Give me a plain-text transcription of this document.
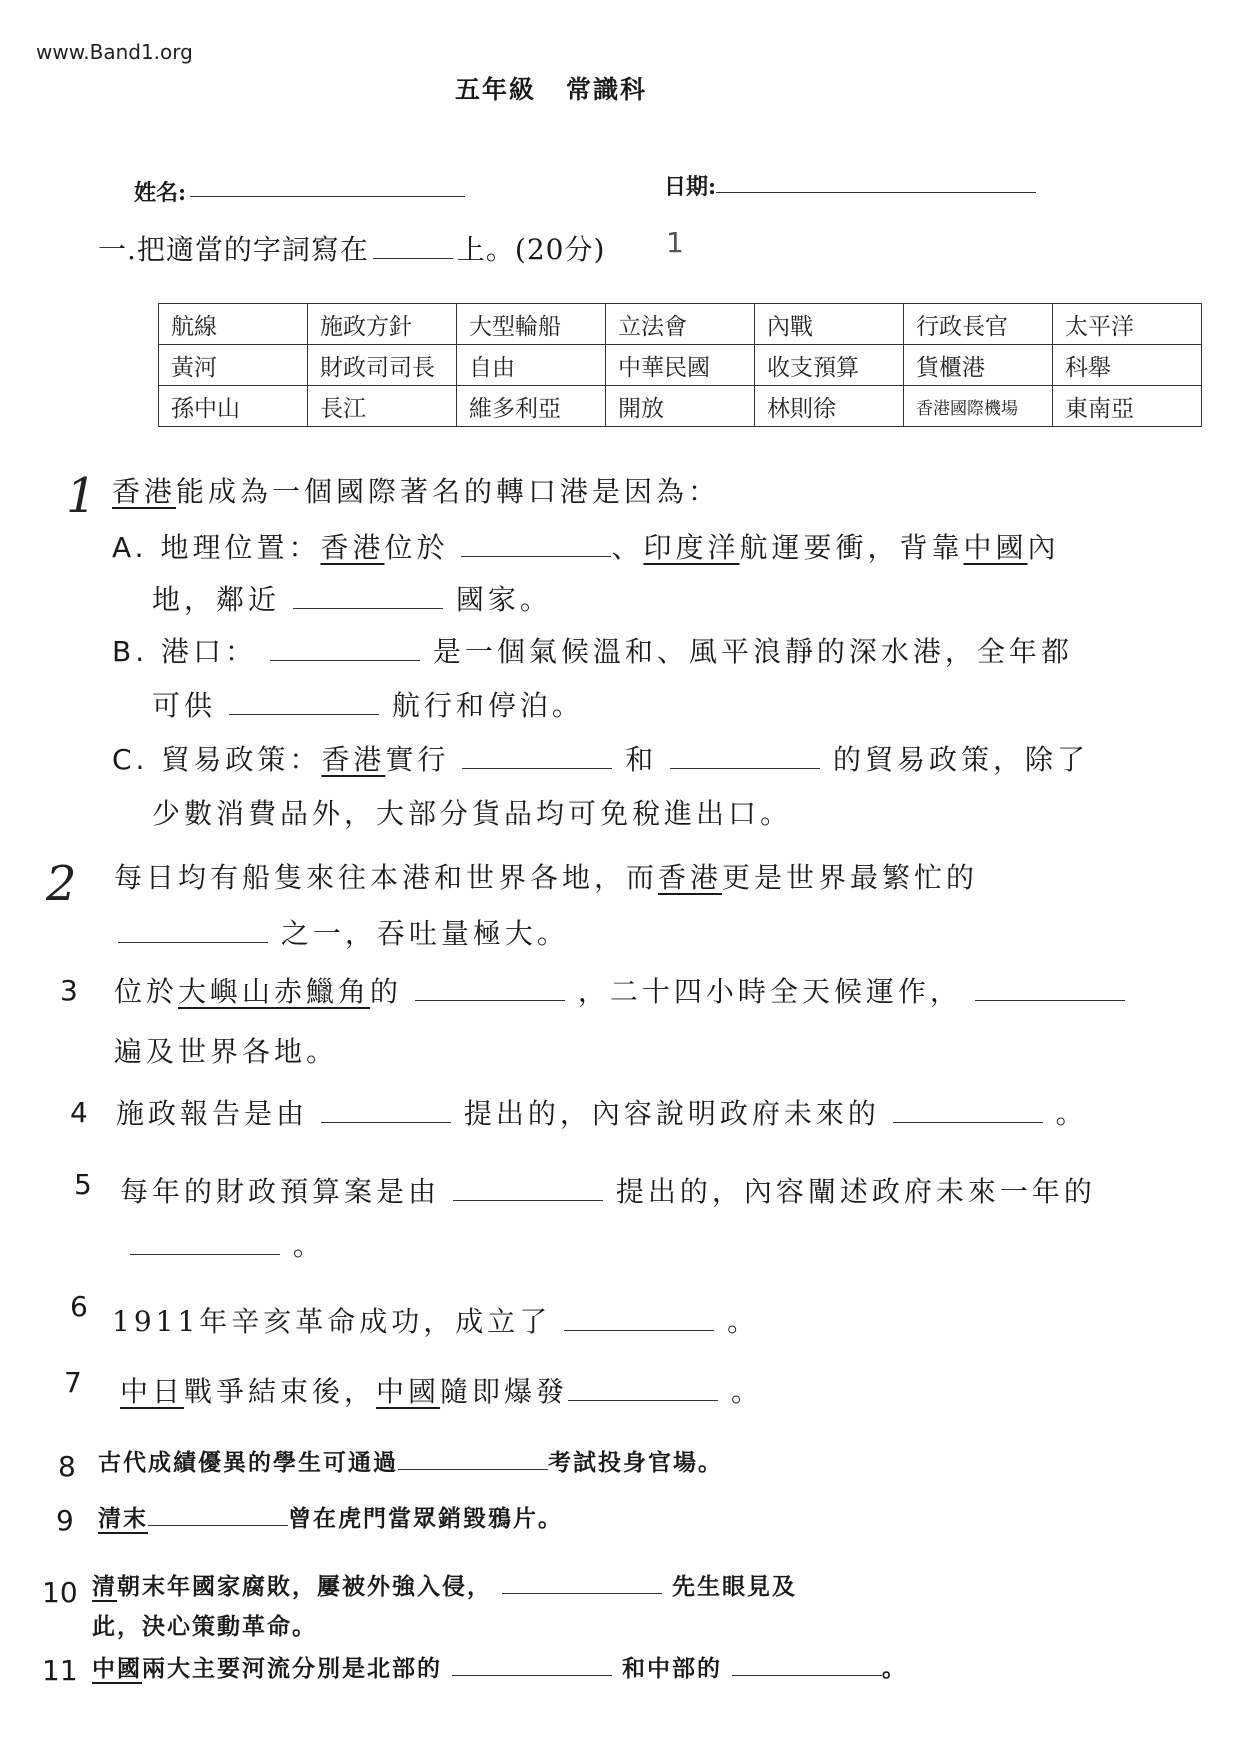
www.Band1.org
五年級 常識科
姓名:	日期:
一.把適當的字詞寫在	上。(20分) 1
航線	施政方針	大型輪船	立法會	內戰	行政長官	太平洋
黃河	財政司司長	自由	中華民國	收支預算	貨櫃港	科舉
孫中山	長江	維多利亞	開放	林則徐	香港國際機場	東南亞
1 香港能成為一個國際著名的轉口港是因為：
A. 地理位置：香港位於	、印度洋航運要衝，背靠中國內
地，鄰近	國家。
B. 港口：	是一個氣候溫和、風平浪靜的深水港，全年都
可供	航行和停泊。
C. 貿易政策：香港實行	和	的貿易政策，除了
少數消費品外，大部分貨品均可免稅進出口。
2 每日均有船隻來往本港和世界各地，而香港更是世界最繁忙的
之一，吞吐量極大。
3 位於大嶼山赤鱲角的	，二十四小時全天候運作，
遍及世界各地。
4 施政報告是由	提出的，內容說明政府未來的	。
5 每年的財政預算案是由	提出的，內容闡述政府未來一年的
。
6 1911年辛亥革命成功，成立了	。
7 中日戰爭結束後，中國隨即爆發	。
8 古代成績優異的學生可通過	考試投身官場。
9 清末	曾在虎門當眾銷毀鴉片。
10 清朝末年國家腐敗，屢被外強入侵，	先生眼見及
此，決心策動革命。
11 中國兩大主要河流分別是北部的	和中部的	。
